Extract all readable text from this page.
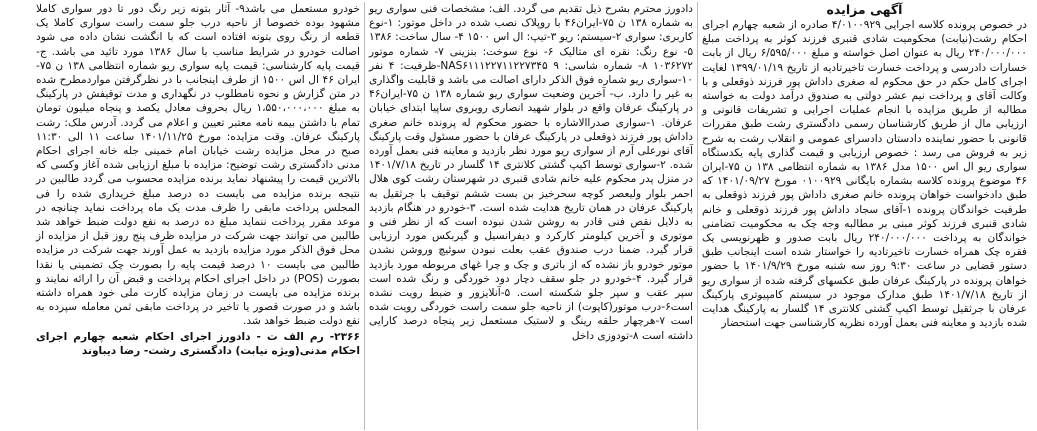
آگهی مزایده
در خصوص پرونده کلاسه اجرایی ۴/۰۱۰۰۹۲۹ صادره از شعبه چهارم اجرای احکام رشت(نیابت) محکومیت شادی قنبری فرزند کوثر به پرداخت مبلغ ۲۴۰/۰۰۰/۰۰۰ ریال به عنوان اصل خواسته و مبلغ ۶/۵۹۵/۰۰۰ ریال از بابت خسارات دادرسی و پرداخت خسارت تاخیرتادیه از تاریخ ۱۳۹۹/۰۱/۱۹ لغایت اجرای کامل حکم در حق محکوم له صغری داداش پور فرزند ذوقعلی و با وکالت آقای و پرداخت نیم عشر دولتی به صندوق درآمد دولت به خواسته مطالبه از طریق مزایده با انجام عملیات اجرایی و تشریفات قانونی و ارزیابی مال از طریق کارشناسان رسمی دادگستری رشت طبق مقررات قانونی با حضور نماینده دادستان دادسرای عمومی و انقلاب رشت به شرح زیر به فروش می رسد : خصوص ارزیابی و قیمت گذاری پایه یکدستگاه سواری ریو ال اس ۱۵۰۰ مدل ۱۳۸۶ به شماره انتظامی ۱۳۸ ن ۷۵-ایران ۴۶ موضوع پرونده کلاسه بشماره بایگانی ۰۱۰۰۹۲۹ مورخ ۱۴۰۱/۰۹/۲۷ که طبق دادخواست خواهان پرونده خانم صغری داداش پور فرزند ذوقعلی به طرفیت خواندگان پرونده ۱-آقای سجاد داداش پور فرزند ذوقعلی و خانم شادی قنبری فرزند کوثر مبنی بر مطالبه وجه چک به محکومیت تضامنی خواندگان به پرداخت ۲۴۰/۰۰۰/۰۰۰ ریال بابت صدور و ظهرنویسی یک فقره چک همراه خسارت تاخیرتادیه را خواستار شده است اینجانب طبق دستور قضایی در ساعت ۹:۳۰ روز سه شنبه مورخ ۱۴۰۱/۹/۲۹ با حضور خواهان پرونده در پارکینگ عرفان طبق عکسهای گرفته شده از سواری ریو از تاریخ ۱۴۰۱/۷/۱۸ طبق مدارک موجود در سیستم کامپیوتری پارکینگ عرفان با جرثقیل توسط اکیپ گشتی کلانتری ۱۴ گلسار به پارکینگ هدایت شده بازدید و معاینه فنی بعمل آورده نظریه کارشناسی جهت استحضار
دادورز محترم بشرح ذیل تقدیم می گردد. الف: مشخصات فنی سواری ریو به شماره ۱۳۸ ن ۷۵-ایران۴۶ با روپلاک نصب شده در داخل موتور: ۱-نوع کاربری: سواری ۲-سیستم: ریو ۳-تیپ: ال اس ۱۵۰۰ ۴- سال ساخت: ۱۳۸۶ ۵- نوع رنگ: نقره ای متالیک ۶- نوع سوخت: بنزینی ۷- شماره موتور ۱۰۳۶۲۷۲ ۸- شماره شاسی: NAS۶۱۱۱۲۲۷۱۱۲۲۷۳۴۵ ۹-ظرفیت: ۴ نفر ۱۰-سواری ریو شماره فوق الذکر دارای اصالت می باشد و قابلیت واگذاری به غیر را دارد. ب- آخرین وضعیت سواری ریو شماره ۱۳۸ ن ۷۵-ایران۴۶ در پارکینگ عرفان واقع در بلوار شهید انصاری روبروی ساپیا ابتدای خیابان عرفان. ۱-سواری صدراالاشاره با حضور محکوم له پرونده خانم صغری داداش پور فرزند ذوقعلی در پارکینگ عرفان با حضور مسئول وقت پارکینگ آقای نورعلی آرم از سواری ریو مورد نظر بازدید و معاینه فنی بعمل آورده شده. ۲-سواری توسط اکیپ گشتی کلانتری ۱۴ گلسار در تاریخ ۱۴۰۱/۷/۱۸ در منزل پدر محکوم علیه خانم شادی قنبری در شهرستان رشت کوی هلال احمر بلوار ولیعصر کوچه سحرخیز بن بست ششم توقیف با جرثقیل به پارکینگ عرفان در همان تاریخ هدایت شده است. ۳-خودرو در هنگام بازدید به دلایل نقص فنی قادر به روشن شدن نبوده است که از نظر فنی و موتوری و آخرین کیلومتر کارکرد و دیفرانسیل و گیربکس مورد ارزیابی قرار گیرد. ضمنا درب صندوق عقب بعلت نبودن سوئیچ وروشن نشدن موتور خودرو باز نشده که از باتری و چک و چرا غهای مربوطه مورد بازدید قرار گیرد. ۴-خودرو در جلو سقف دچار دود خوردگی و رنگ شده است سپر عقب و سپر جلو شکسته است. ۵-آنلایزور و ضبط رویت نشده است۶-درب موتور(کاپوت) از ناحیه جلو سمت راست خوردگی رویت شده است ۷-هرچهار حلقه رینگ و لاستیک مستعمل زیر پنجاه درصد کارایی داشته است ۸-تودوزی داخل
خودرو مستعمل می باشد۹- آثار بتونه زیر رنگ دور تا دور سواری کاملا مشهود بوده خصوصا از ناحیه درب جلو سمت راست سواری کاملا یک قطعه از رنگ روی بتونه افتاده است که با انگشت نشان داده می شود اصالت خودرو در شرایط مناسب با سال ۱۳۸۶ مورد تائید می باشد. ج-قیمت پایه کارشناسی: قیمت پایه سواری ریو شماره انتظامی ۱۳۸ ن ۷۵-ایران ۴۶ ال اس ۱۵۰۰ از طرف اینجانب با در نظرگرفتن مواردمطرح شده در متن گزارش و نحوه نامطلوب در نگهداری و مدت توقیفش در پارکینگ به مبلغ ۱،۵۵۰،۰۰۰،۰۰۰ ریال بحروف معادل یکصد و پنجاه میلیون تومان تمام با داشتن بیمه نامه معتبر تعیین و اعلام می گردد. آدرس ملک: رشت پارکینگ عرفان. وقت مزایده: مورخ ۱۴۰۱/۱۱/۲۵ ساعت ۱۱ الی ۱۱:۳۰ صبح در محل مزایده رشت خیابان امام خمینی جله خانه اجرای احکام مدنی دادگستری رشت توضیح: مزایده با مبلغ ارزیابی شده آغاز وکسی که بالاترین قیمت را پیشنهاد نماید برنده مزایده محسوب می گردد طالبین در نتیجه برنده مزایده می بایست ده درصد مبلغ خریداری شده را فی المجلس پرداخت مابقی را ظرف مدت یک ماه پرداخت نماید چنانچه در موعد مقرر پرداخت ننماید مبلغ ده درصد به نفع دولت ضبط خواهد شد طالبین می توانند جهت شرکت در مزایده ظرف پنج روز قبل از مزایده از محل فوق الذکر مورد مزایده بازدید به عمل آورند جهت شرکت در مزایده طالبین می بایست ۱۰ درصد قیمت پایه را بصورت چک تضمینی یا نقدا بصورت (POS) در داخل اجرای احکام پرداخت و قبض آن را ارائه نمایند و برنده مزایده می بایست در زمان مزایده کارت ملی خود همراه داشته باشد و در صورت قصور یا تاخیر در پرداخت مابقی ثمن معامله سپرده به نفع دولت ضبط خواهد شد.
۲۳۶۶- رم الف ت - دادورز اجرای احکام شعبه چهارم اجرای احکام مدنی(ویژه نیابت) دادگستری رشت- رضا دیباوند
